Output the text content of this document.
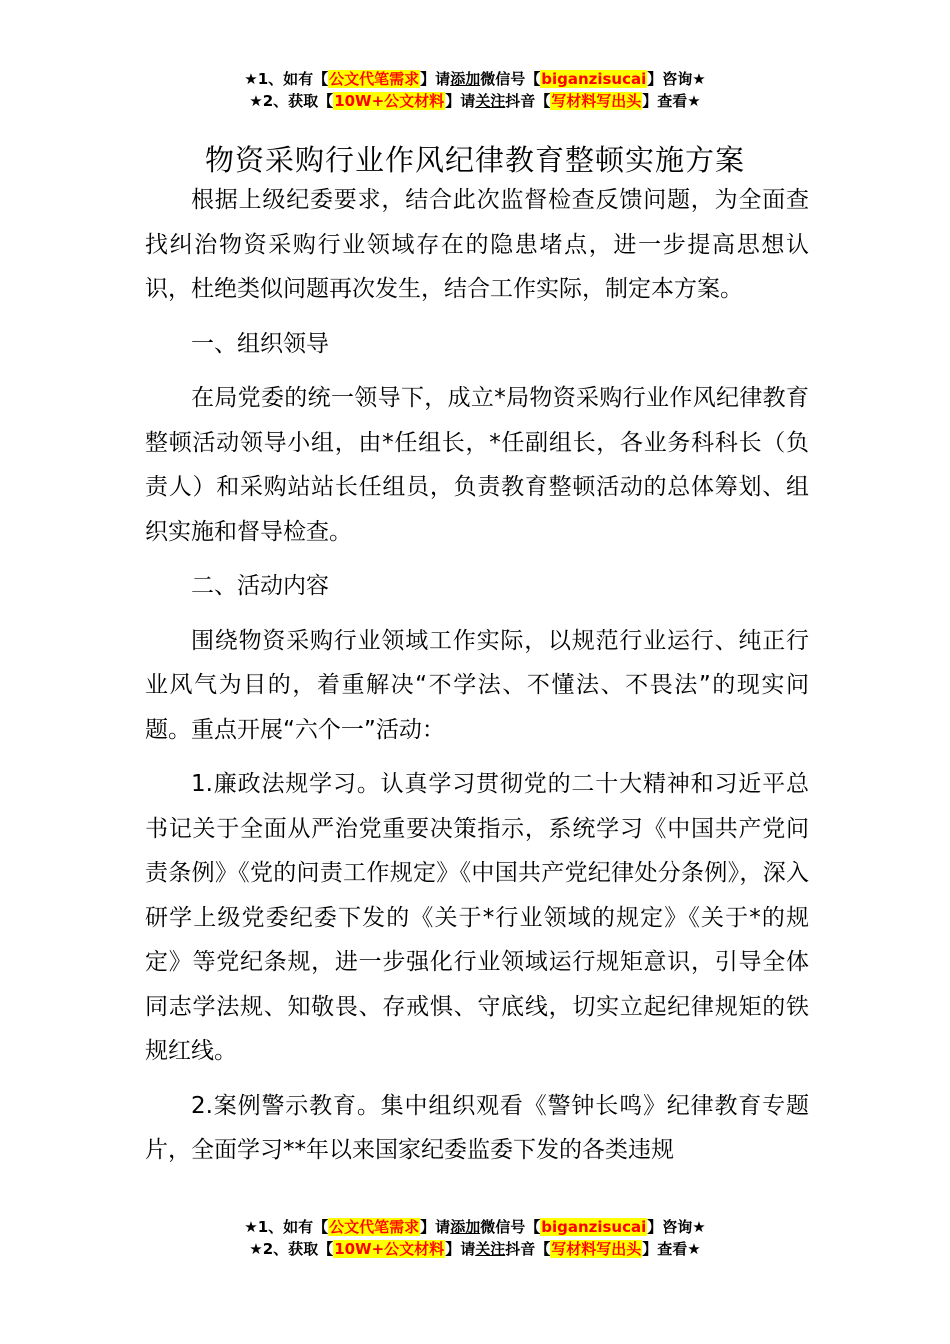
★1、如有【公文代笔需求】请添加微信号【biganzisucai】咨询★
★2、获取【10W+公文材料】请关注抖音【写材料写出头】查看★
物资采购行业作风纪律教育整顿实施方案

根据上级纪委要求，结合此次监督检查反馈问题，为全面查找纠治物资采购行业领域存在的隐患堵点，进一步提高思想认识，杜绝类似问题再次发生，结合工作实际，制定本方案。

一、组织领导

在局党委的统一领导下，成立*局物资采购行业作风纪律教育整顿活动领导小组，由*任组长，*任副组长，各业务科科长（负责人）和采购站站长任组员，负责教育整顿活动的总体筹划、组织实施和督导检查。

二、活动内容

围绕物资采购行业领域工作实际，以规范行业运行、纯正行业风气为目的，着重解决“不学法、不懂法、不畏法”的现实问题。重点开展“六个一”活动：

1.廉政法规学习。认真学习贯彻党的二十大精神和习近平总书记关于全面从严治党重要决策指示，系统学习《中国共产党问责条例》《党的问责工作规定》《中国共产党纪律处分条例》，深入研学上级党委纪委下发的《关于*行业领域的规定》《关于*的规定》等党纪条规，进一步强化行业领域运行规矩意识，引导全体同志学法规、知敬畏、存戒惧、守底线，切实立起纪律规矩的铁规红线。

2.案例警示教育。集中组织观看《警钟长鸣》纪律教育专题片，全面学习**年以来国家纪委监委下发的各类违规

★1、如有【公文代笔需求】请添加微信号【biganzisucai】咨询★
★2、获取【10W+公文材料】请关注抖音【写材料写出头】查看★
